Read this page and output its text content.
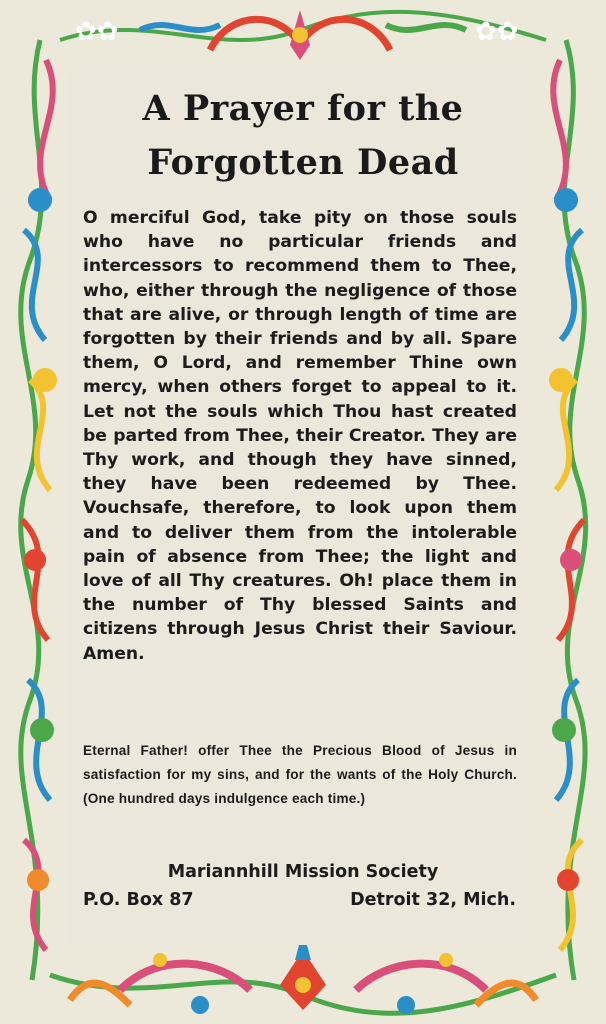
✿✿	✿✿
A Prayer for the
Forgotten Dead

O merciful God, take pity on those souls who have no particular friends and intercessors to recommend them to Thee, who, either through the negligence of those that are alive, or through length of time are forgotten by their friends and by all. Spare them, O Lord, and remember Thine own mercy, when others forget to appeal to it. Let not the souls which Thou hast created be parted from Thee, their Creator. They are Thy work, and though they have sinned, they have been redeemed by Thee. Vouchsafe, therefore, to look upon them and to deliver them from the intolerable pain of absence from Thee; the light and love of all Thy creatures. Oh! place them in the number of Thy blessed Saints and citizens through Jesus Christ their Saviour. Amen.

Eternal Father! offer Thee the Precious Blood of Jesus in satisfaction for my sins, and for the wants of the Holy Church. (One hundred days indulgence each time.)

Mariannhill Mission Society

P.O. Box 87	Detroit 32, Mich.
